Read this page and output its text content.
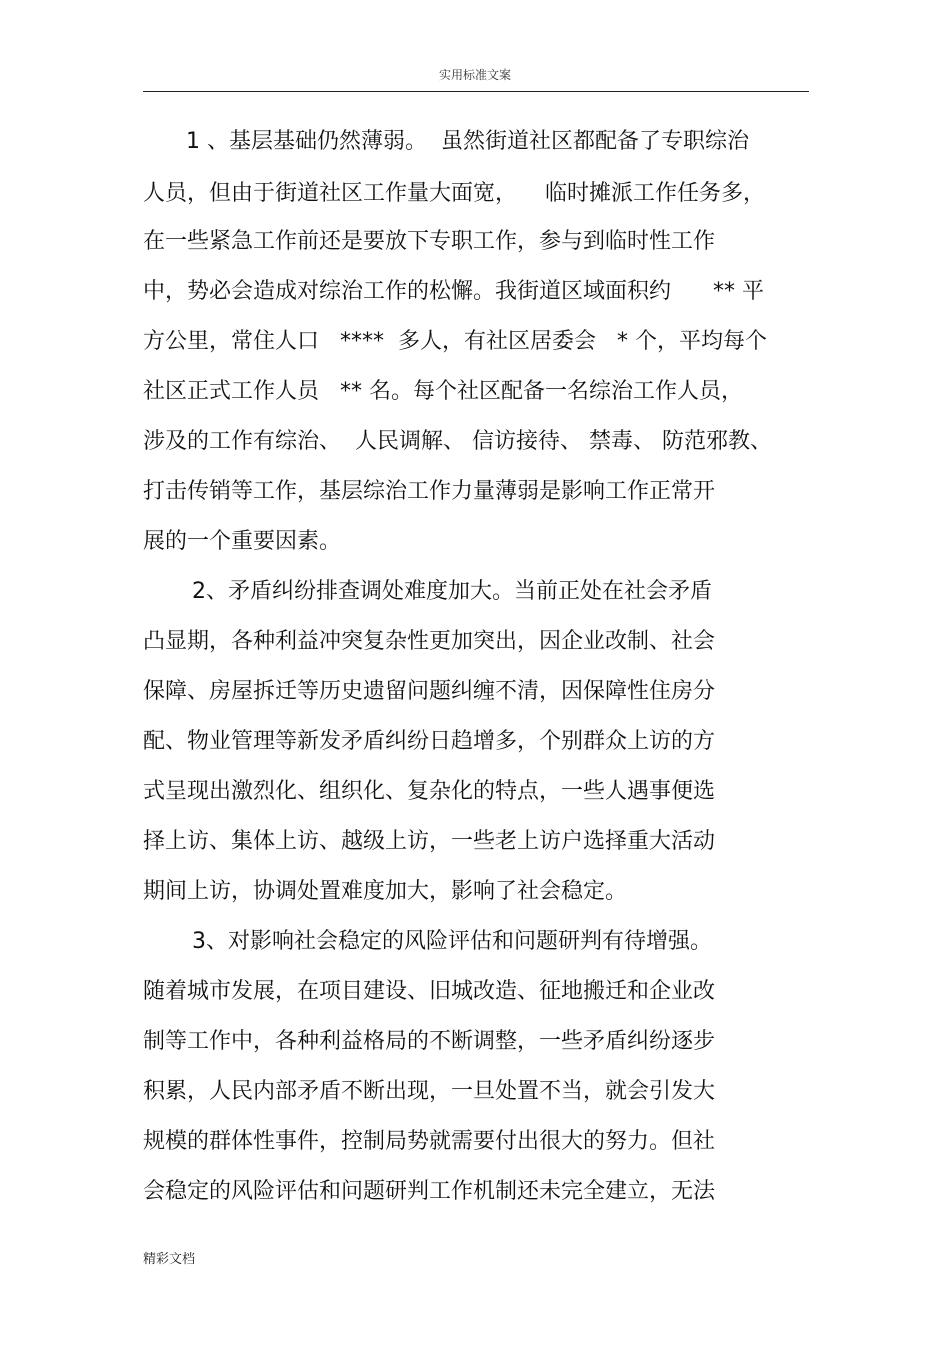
实用标准文案
1 、基层基础仍然薄弱。  虽然街道社区都配备了专职综治
人员，但由于街道社区工作量大面宽，    临时摊派工作任务多，
在一些紧急工作前还是要放下专职工作，参与到临时性工作
中，势必会造成对综治工作的松懈。我街道区域面积约      ** 平
方公里，常住人口   ****  多人，有社区居委会   * 个，平均每个
社区正式工作人员   ** 名。每个社区配备一名综治工作人员，
涉及的工作有综治、  人民调解、 信访接待、 禁毒、 防范邪教、
打击传销等工作，基层综治工作力量薄弱是影响工作正常开
展的一个重要因素。
2、矛盾纠纷排查调处难度加大。当前正处在社会矛盾
凸显期，各种利益冲突复杂性更加突出，因企业改制、社会
保障、房屋拆迁等历史遗留问题纠缠不清，因保障性住房分
配、物业管理等新发矛盾纠纷日趋增多，个别群众上访的方
式呈现出激烈化、组织化、复杂化的特点，一些人遇事便选
择上访、集体上访、越级上访，一些老上访户选择重大活动
期间上访，协调处置难度加大，影响了社会稳定。
3、对影响社会稳定的风险评估和问题研判有待增强。
随着城市发展，在项目建设、旧城改造、征地搬迁和企业改
制等工作中，各种利益格局的不断调整，一些矛盾纠纷逐步
积累，人民内部矛盾不断出现，一旦处置不当，就会引发大
规模的群体性事件，控制局势就需要付出很大的努力。但社
会稳定的风险评估和问题研判工作机制还未完全建立，无法
精彩文档
